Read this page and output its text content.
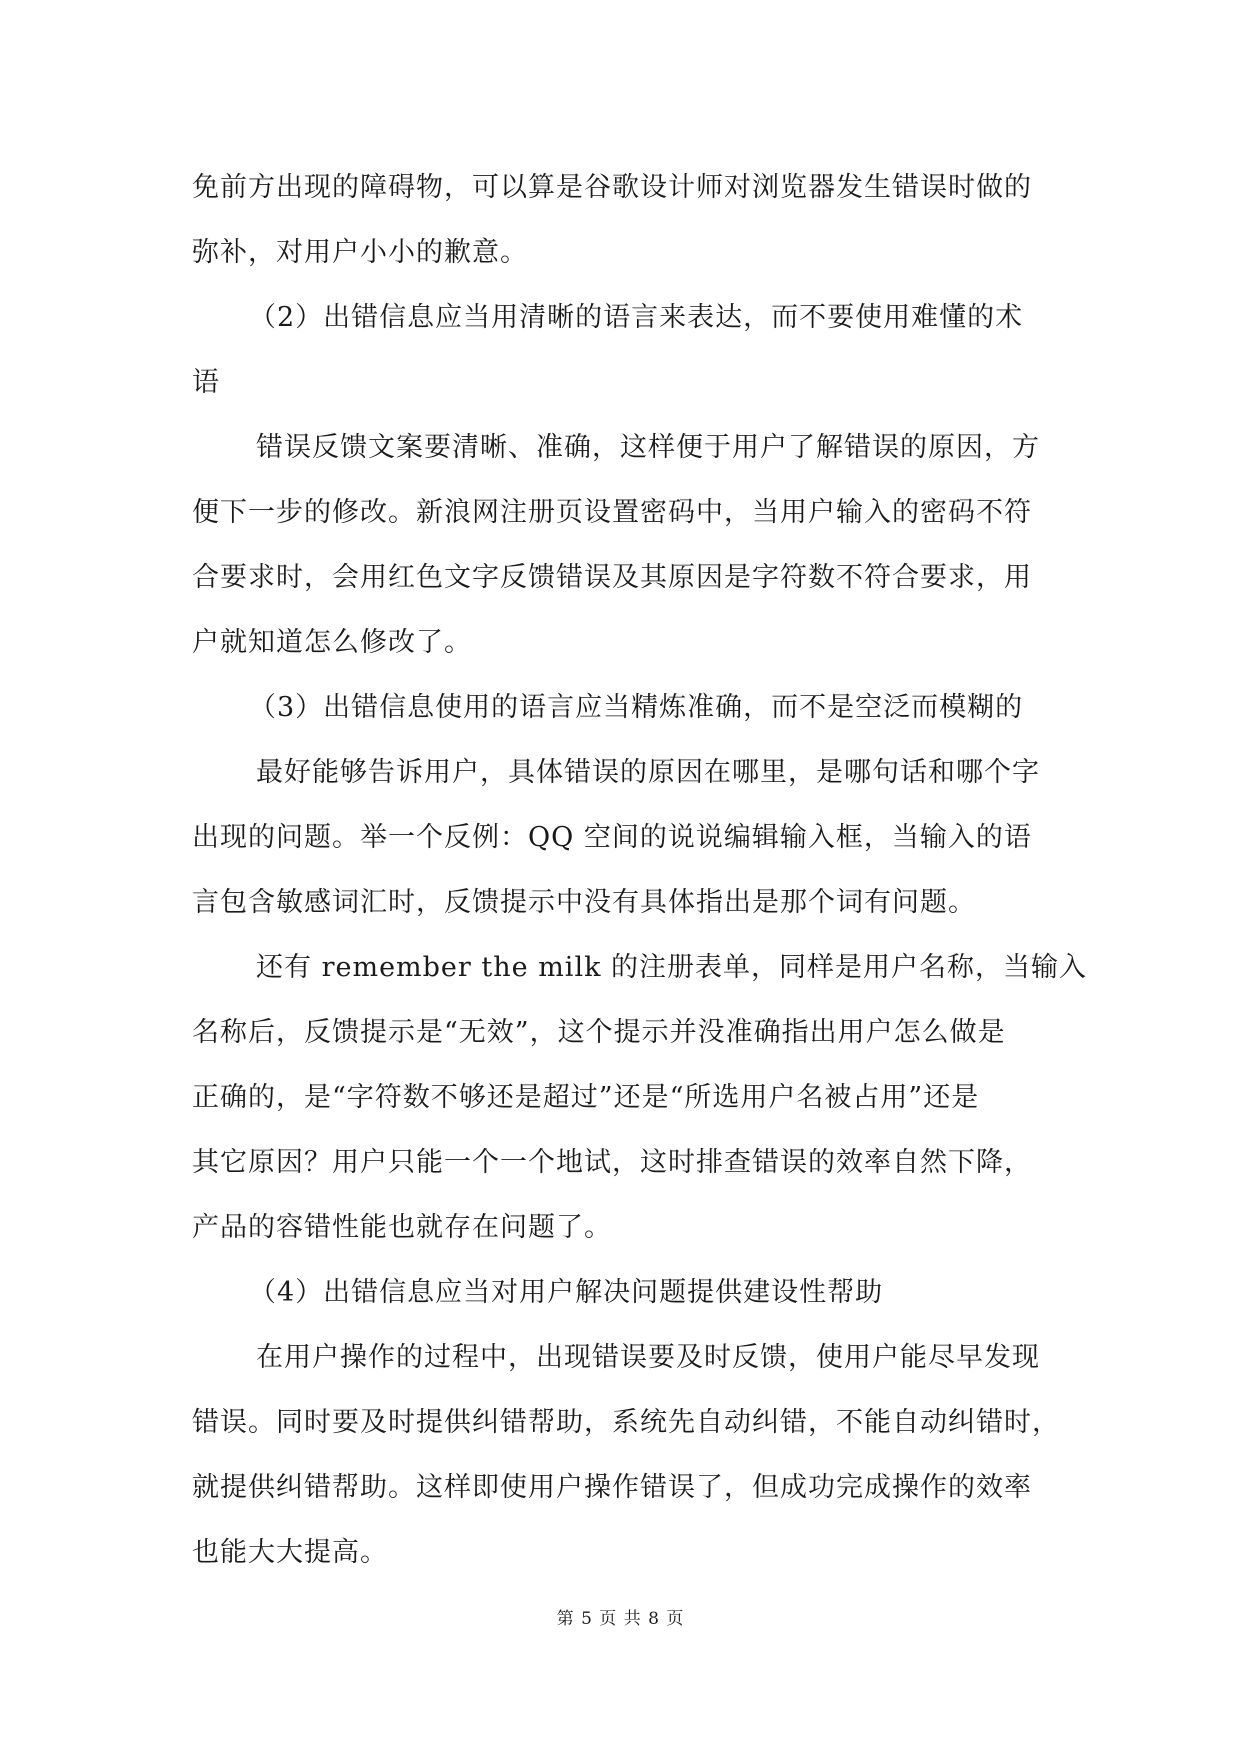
免前方出现的障碍物，可以算是谷歌设计师对浏览器发生错误时做的
弥补，对用户小小的歉意。
（2）出错信息应当用清晰的语言来表达，而不要使用难懂的术
语
错误反馈文案要清晰、准确，这样便于用户了解错误的原因，方
便下一步的修改。新浪网注册页设置密码中，当用户输入的密码不符
合要求时，会用红色文字反馈错误及其原因是字符数不符合要求，用
户就知道怎么修改了。
（3）出错信息使用的语言应当精炼准确，而不是空泛而模糊的
最好能够告诉用户，具体错误的原因在哪里，是哪句话和哪个字
出现的问题。举一个反例：QQ 空间的说说编辑输入框，当输入的语
言包含敏感词汇时，反馈提示中没有具体指出是那个词有问题。
还有 remember the milk 的注册表单，同样是用户名称，当输入
名称后，反馈提示是“无效”，这个提示并没准确指出用户怎么做是
正确的，是“字符数不够还是超过”还是“所选用户名被占用”还是
其它原因？用户只能一个一个地试，这时排查错误的效率自然下降，
产品的容错性能也就存在问题了。
（4）出错信息应当对用户解决问题提供建设性帮助
在用户操作的过程中，出现错误要及时反馈，使用户能尽早发现
错误。同时要及时提供纠错帮助，系统先自动纠错，不能自动纠错时，
就提供纠错帮助。这样即使用户操作错误了，但成功完成操作的效率
也能大大提高。
第 5 页 共 8 页
